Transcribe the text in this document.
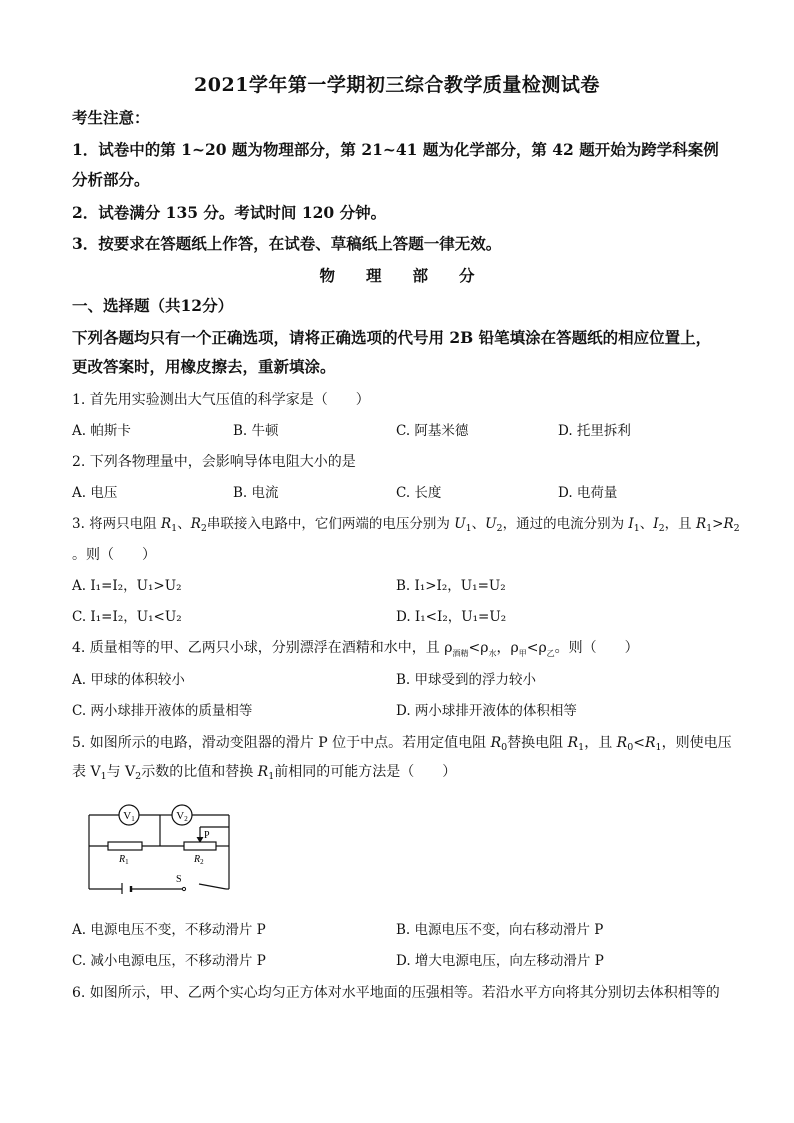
2021学年第一学期初三综合教学质量检测试卷
考生注意：
1．试卷中的第 1~20 题为物理部分，第 21~41 题为化学部分，第 42 题开始为跨学科案例
分析部分。
2．试卷满分 135 分。考试时间 120 分钟。
3．按要求在答题纸上作答，在试卷、草稿纸上答题一律无效。
物　　理　　部　　分
一、选择题（共12分）
下列各题均只有一个正确选项，请将正确选项的代号用 2B 铅笔填涂在答题纸的相应位置上，
更改答案时，用橡皮擦去，重新填涂。
1. 首先用实验测出大气压值的科学家是（　　）
A. 帕斯卡	B. 牛顿	C. 阿基米德	D. 托里拆利
2. 下列各物理量中，会影响导体电阻大小的是
A. 电压	B. 电流	C. 长度	D. 电荷量
3. 将两只电阻 $R_1$、$R_2$串联接入电路中，它们两端的电压分别为 $U_1$、$U_2$，通过的电流分别为 $I_1$、$I_2$，且 $R_1>R_2$
。则（　　）
A. I₁=I₂，U₁>U₂	B. I₁>I₂，U₁=U₂
C. I₁=I₂，U₁<U₂	D. I₁<I₂，U₁=U₂
4. 质量相等的甲、乙两只小球，分别漂浮在酒精和水中，且 $\rho_{酒精}<\rho_水$，$\rho_甲<\rho_乙$。则（　　）
A. 甲球的体积较小	B. 甲球受到的浮力较小
C. 两小球排开液体的质量相等	D. 两小球排开液体的体积相等
5. 如图所示的电路，滑动变阻器的滑片 P 位于中点。若用定值电阻 $R_0$替换电阻 $R_1$，且 $R_0<R_1$，则使电压
表 $V_1$与 $V_2$示数的比值和替换 $R_1$前相同的可能方法是（　　）
V1	V2
P
$R_1$	$R_2$
S
A. 电源电压不变，不移动滑片 P	B. 电源电压不变，向右移动滑片 P
C. 减小电源电压，不移动滑片 P	D. 增大电源电压，向左移动滑片 P
6. 如图所示，甲、乙两个实心均匀正方体对水平地面的压强相等。若沿水平方向将其分别切去体积相等的
